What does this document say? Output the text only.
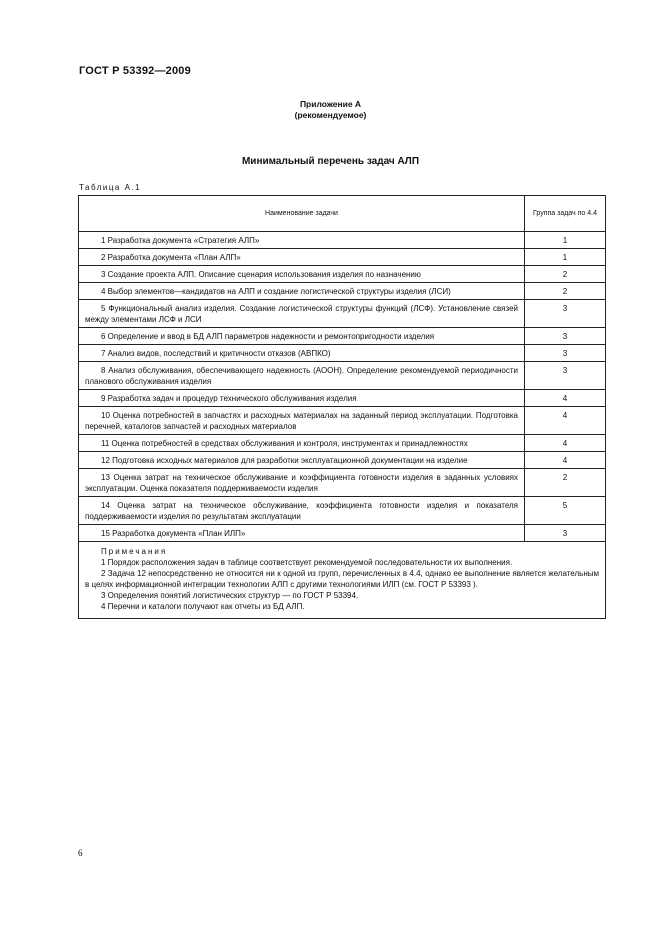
ГОСТ Р 53392—2009
Приложение А
(рекомендуемое)
Минимальный перечень задач АЛП
Таблица А.1
Наименование задачи	Группа задач по 4.4
1 Разработка документа «Стратегия АЛП»	1
2 Разработка документа «План АЛП»	1
3 Создание проекта АЛП. Описание сценария использования изделия по назначению	2
4 Выбор элементов—кандидатов на АЛП и создание логистической структуры изделия (ЛСИ)	2
5 Функциональный анализ изделия. Создание логистической структуры функций (ЛСФ). Установление связей между элементами ЛСФ и ЛСИ	3
6 Определение и ввод в БД АЛП параметров надежности и ремонтопригодности изделия	3
7 Анализ видов, последствий и критичности отказов (АВПКО)	3
8 Анализ обслуживания, обеспечивающего надежность (АООН). Определение рекомендуемой периодичности планового обслуживания изделия	3
9 Разработка задач и процедур технического обслуживания изделия	4
10 Оценка потребностей в запчастях и расходных материалах на заданный период эксплуатации. Подготовка перечней, каталогов запчастей и расходных материалов	4
11 Оценка потребностей в средствах обслуживания и контроля, инструментах и принадлежностях	4
12 Подготовка исходных материалов для разработки эксплуатационной документации на изделие	4
13 Оценка затрат на техническое обслуживание и коэффициента готовности изделия в заданных условиях эксплуатации. Оценка показателя поддерживаемости изделия	2
14 Оценка затрат на техническое обслуживание, коэффициента готовности изделия и показателя поддерживаемости изделия по результатам эксплуатации	5
15 Разработка документа «План ИЛП»	3

Примечания
1 Порядок расположения задач в таблице соответствует рекомендуемой последовательности их выполнения.
2 Задача 12 непосредственно не относится ни к одной из групп, перечисленных в 4.4, однако ее выполнение является желательным в целях информационной интеграции технологии АЛП с другими технологиями ИЛП (см. ГОСТ Р 53393 ).
3 Определения понятий логистических структур — по ГОСТ Р 53394.
4 Перечни и каталоги получают как отчеты из БД АЛП.	
6
